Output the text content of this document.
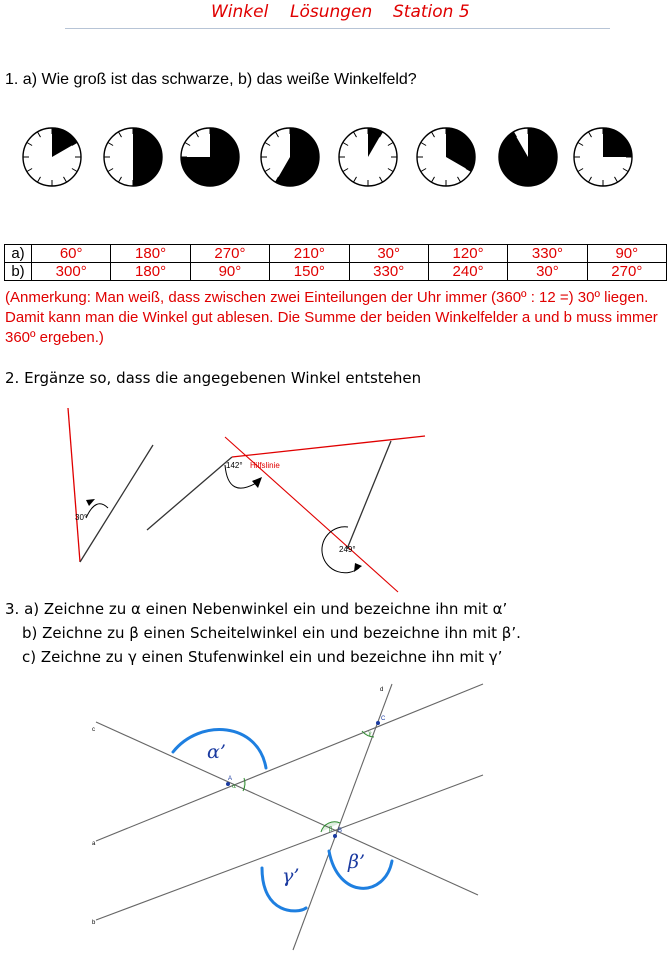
Winkel Lösungen Station 5
1. a) Wie groß ist das schwarze, b) das weiße Winkelfeld?
a)	60°	180°	270°	210°	30°	120°	330°	90°
b)	300°	180°	90°	150°	330°	240°	30°	270°
(Anmerkung: Man weiß, dass zwischen zwei Einteilungen der Uhr immer (360º : 12 =) 30º liegen. Damit kann man die Winkel gut ablesen. Die Summe der beiden Winkelfelder a und b muss immer 360º ergeben.)
2. Ergänze so, dass die angegebenen Winkel entstehen
30°
142° Hilfslinie
249°
3. a) Zeichne zu α einen Nebenwinkel ein und bezeichne ihn mit α’
b) Zeichne zu β einen Scheitelwinkel ein und bezeichne ihn mit β’.
c) Zeichne zu γ einen Stufenwinkel ein und bezeichne ihn mit γ’
d
c
a
b
A
B
C
α
β
γ
α’
γ’
β’
